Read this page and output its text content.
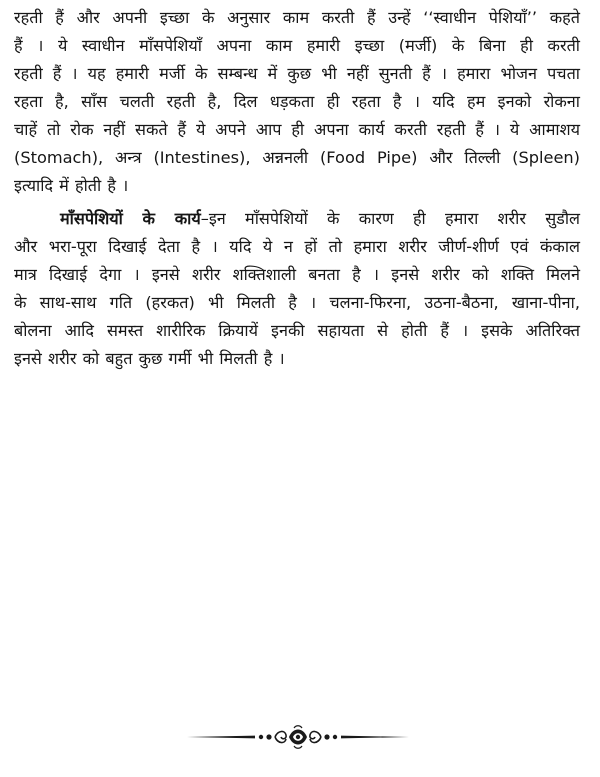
रहती हैं और अपनी इच्छा के अनुसार काम करती हैं उन्हें ‘‘स्वाधीन पेशियाँ’’ कहते
हैं । ये स्वाधीन माँसपेशियाँ अपना काम हमारी इच्छा (मर्जी) के बिना ही करती
रहती हैं । यह हमारी मर्जी के सम्बन्ध में कुछ भी नहीं सुनती हैं । हमारा भोजन पचता
रहता है, साँस चलती रहती है, दिल धड़कता ही रहता है । यदि हम इनको रोकना
चाहें तो रोक नहीं सकते हैं ये अपने आप ही अपना कार्य करती रहती हैं । ये आमाशय
(Stomach), अन्त्र (Intestines), अन्ननली (Food Pipe) और तिल्ली (Spleen)
इत्यादि में होती है ।
माँसपेशियों के कार्य–इन माँसपेशियों के कारण ही हमारा शरीर सुडौल
और भरा-पूरा दिखाई देता है । यदि ये न हों तो हमारा शरीर जीर्ण-शीर्ण एवं कंकाल
मात्र दिखाई देगा । इनसे शरीर शक्तिशाली बनता है । इनसे शरीर को शक्ति मिलने
के साथ-साथ गति (हरकत) भी मिलती है । चलना-फिरना, उठना-बैठना, खाना-पीना,
बोलना आदि समस्त शारीरिक क्रियायें इनकी सहायता से होती हैं । इसके अतिरिक्त
इनसे शरीर को बहुत कुछ गर्मी भी मिलती है ।
